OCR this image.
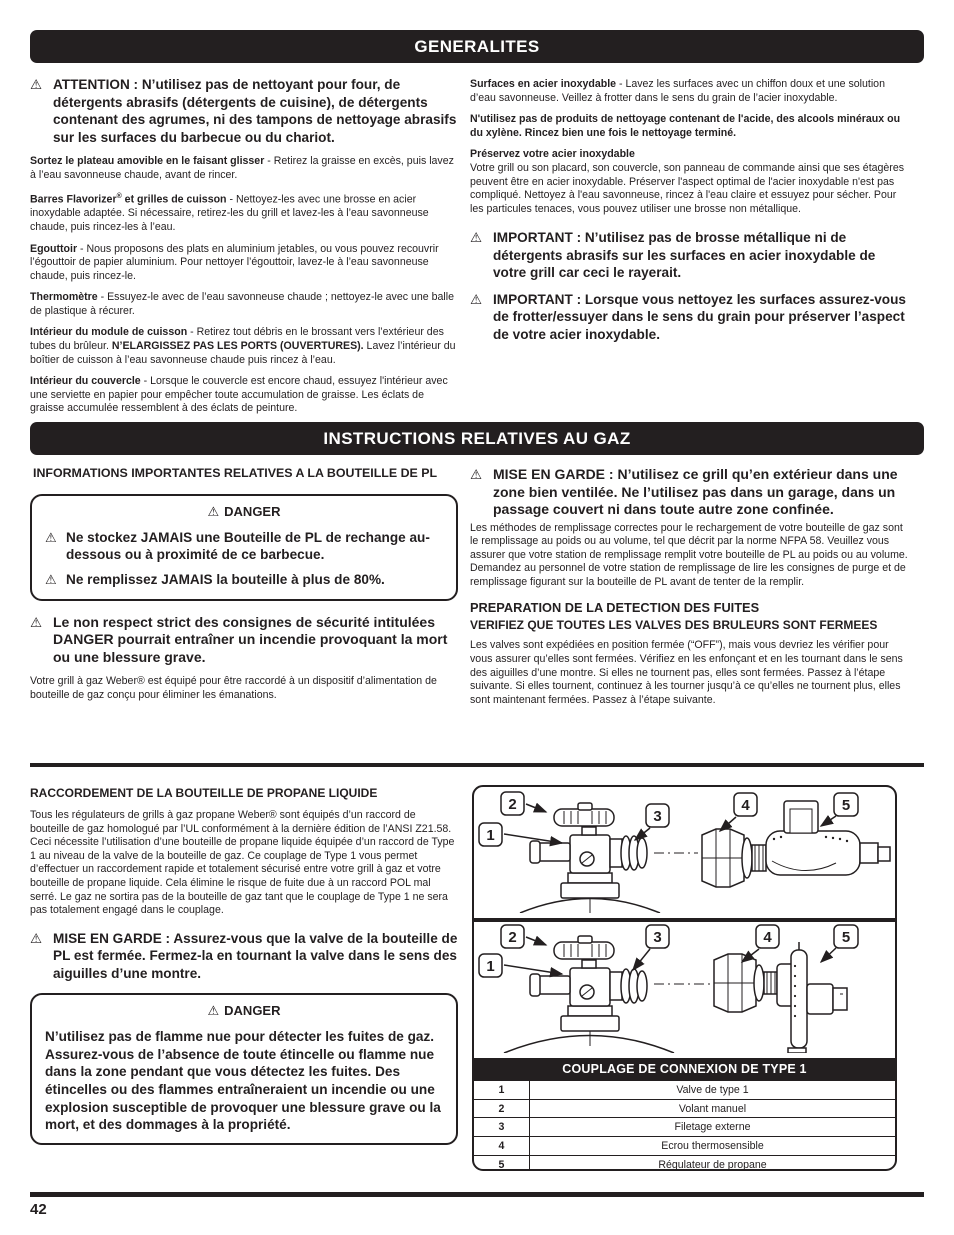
GENERALITES
⚠ ATTENTION : N’utilisez pas de nettoyant pour four, de détergents abrasifs (détergents de cuisine), de détergents contenant des agrumes, ni des tampons de nettoyage abrasifs sur les surfaces du barbecue ou du chariot.

Sortez le plateau amovible en le faisant glisser - Retirez la graisse en excès, puis lavez à l’eau savonneuse chaude, avant de rincer.

Barres Flavorizer® et grilles de cuisson - Nettoyez-les avec une brosse en acier inoxydable adaptée. Si nécessaire, retirez-les du grill et lavez-les à l’eau savonneuse chaude, puis rincez-les à l’eau.

Egouttoir - Nous proposons des plats en aluminium jetables, ou vous pouvez recouvrir l’égouttoir de papier aluminium. Pour nettoyer l’égouttoir, lavez-le à l’eau savonneuse chaude, puis rincez-le.

Thermomètre - Essuyez-le avec de l’eau savonneuse chaude ; nettoyez-le avec une balle de plastique à récurer.

Intérieur du module de cuisson - Retirez tout débris en le brossant vers l’extérieur des tubes du brûleur. N’ELARGISSEZ PAS LES PORTS (OUVERTURES). Lavez l’intérieur du boîtier de cuisson à l’eau savonneuse chaude puis rincez à l’eau.

Intérieur du couvercle - Lorsque le couvercle est encore chaud, essuyez l'intérieur avec une serviette en papier pour empêcher toute accumulation de graisse. Les éclats de graisse accumulée ressemblent à des éclats de peinture.

Surfaces en acier inoxydable - Lavez les surfaces avec un chiffon doux et une solution d’eau savonneuse. Veillez à frotter dans le sens du grain de l’acier inoxydable.

N'utilisez pas de produits de nettoyage contenant de l'acide, des alcools minéraux ou du xylène. Rincez bien une fois le nettoyage terminé.

Préservez votre acier inoxydable
Votre grill ou son placard, son couvercle, son panneau de commande ainsi que ses étagères peuvent être en acier inoxydable. Préserver l'aspect optimal de l'acier inoxydable n'est pas compliqué. Nettoyez à l'eau savonneuse, rincez à l'eau claire et essuyez pour sécher. Pour les particules tenaces, vous pouvez utiliser une brosse non métallique.

⚠ IMPORTANT : N’utilisez pas de brosse métallique ni de détergents abrasifs sur les surfaces en acier inoxydable de votre grill car ceci le rayerait.
⚠ IMPORTANT : Lorsque vous nettoyez les surfaces assurez-vous de frotter/essuyer dans le sens du grain pour préserver l’aspect de votre acier inoxydable.
INSTRUCTIONS RELATIVES AU GAZ
INFORMATIONS IMPORTANTES RELATIVES A LA BOUTEILLE DE PL
⚠ DANGER
⚠ Ne stockez JAMAIS une Bouteille de PL de rechange au-dessous ou à proximité de ce barbecue.
⚠ Ne remplissez JAMAIS la bouteille à plus de 80%.
⚠ Le non respect strict des consignes de sécurité intitulées DANGER pourrait entraîner un incendie provoquant la mort ou une blessure grave.

Votre grill à gaz Weber® est équipé pour être raccordé à un dispositif d’alimentation de bouteille de gaz conçu pour éliminer les émanations.

⚠ MISE EN GARDE : N’utilisez ce grill qu’en extérieur dans une zone bien ventilée. Ne l’utilisez pas dans un garage, dans un passage couvert ni dans toute autre zone confinée.

Les méthodes de remplissage correctes pour le rechargement de votre bouteille de gaz sont le remplissage au poids ou au volume, tel que décrit par la norme NFPA 58. Veuillez vous assurer que votre station de remplissage remplit votre bouteille de PL au poids ou au volume. Demandez au personnel de votre station de remplissage de lire les consignes de purge et de remplissage figurant sur la bouteille de PL avant de tenter de la remplir.

PREPARATION DE LA DETECTION DES FUITES
VERIFIEZ QUE TOUTES LES VALVES DES BRULEURS SONT FERMEES

Les valves sont expédiées en position fermée (“OFF”), mais vous devriez les vérifier pour vous assurer qu’elles sont fermées. Vérifiez en les enfonçant et en les tournant dans le sens des aiguilles d’une montre. Si elles ne tournent pas, elles sont fermées. Passez à l’étape suivante. Si elles tournent, continuez à les tourner jusqu’à ce qu’elles ne tournent plus, elles sont maintenant fermées. Passez à l’étape suivante.

RACCORDEMENT DE LA BOUTEILLE DE PROPANE LIQUIDE

Tous les régulateurs de grills à gaz propane Weber® sont équipés d’un raccord de bouteille de gaz homologué par l’UL conformément à la dernière édition de l’ANSI Z21.58. Ceci nécessite l’utilisation d’une bouteille de propane liquide équipée d’un raccord de Type 1 au niveau de la valve de la bouteille de gaz. Ce couplage de Type 1 vous permet d’effectuer un raccordement rapide et totalement sécurisé entre votre grill à gaz et votre bouteille de propane liquide. Cela élimine le risque de fuite due à un raccord POL mal serré. Le gaz ne sortira pas de la bouteille de gaz tant que le couplage de Type 1 ne sera pas totalement engagé dans le couplage.

⚠ MISE EN GARDE : Assurez-vous que la valve de la bouteille de PL est fermée. Fermez-la en tournant la valve dans le sens des aiguilles d’une montre.
⚠ DANGER
N’utilisez pas de flamme nue pour détecter les fuites de gaz. Assurez-vous de l’absence de toute étincelle ou flamme nue dans la zone pendant que vous détectez les fuites. Des étincelles ou des flammes entraîneraient un incendie ou une explosion susceptible de provoquer une blessure grave ou la mort, et des dommages à la propriété.
1
2
3
4	5
1
2	3	4	5
COUPLAGE DE CONNEXION DE TYPE 1
1	Valve de type 1
2	Volant manuel
3	Filetage externe
4	Ecrou thermosensible
5	Régulateur de propane
42
